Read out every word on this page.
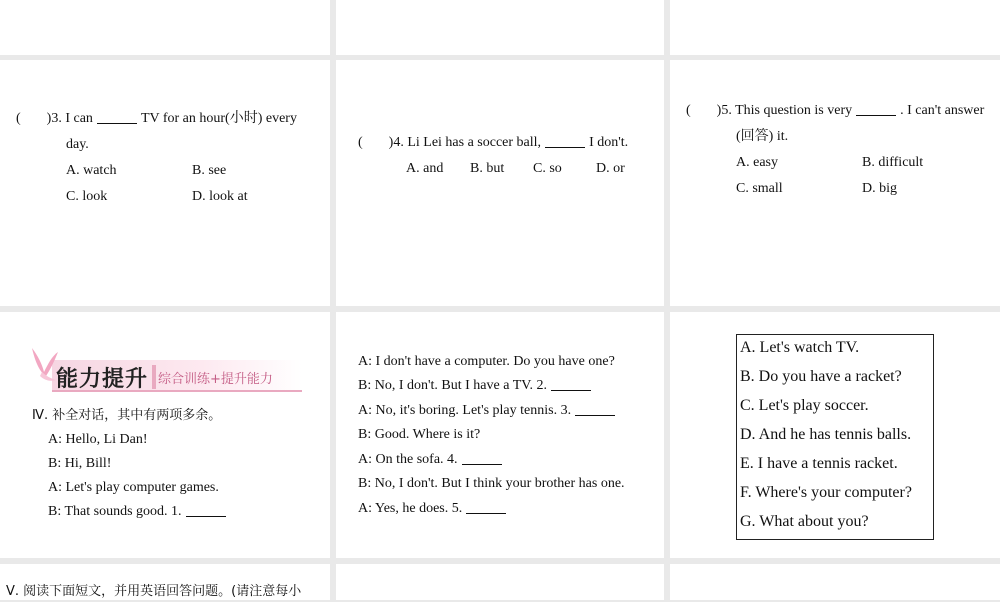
( )3. I can	TV for an hour(小时) every
day.
A. watch	B. see
C. look	D. look at
( )4. Li Lei has a soccer ball,	I don't.
A. and B. but C. so D. or
( )5. This question is very	. I can't answer
(回答) it.
A. easy	B. difficult
C. small	D. big
能力提升 综合训练+提升能力
Ⅳ. 补全对话，其中有两项多余。
A: Hello, Li Dan!
B: Hi, Bill!
A: Let's play computer games.
B: That sounds good. 1.
A: I don't have a computer. Do you have one?
B: No, I don't. But I have a TV. 2.
A: No, it's boring. Let's play tennis. 3.
B: Good. Where is it?
A: On the sofa. 4.
B: No, I don't. But I think your brother has one.
A: Yes, he does. 5.
A. Let's watch TV.
B. Do you have a racket?
C. Let's play soccer.
D. And he has tennis balls.
E. I have a tennis racket.
F. Where's your computer?
G. What about you?
Ⅴ. 阅读下面短文，并用英语回答问题。(请注意每小
